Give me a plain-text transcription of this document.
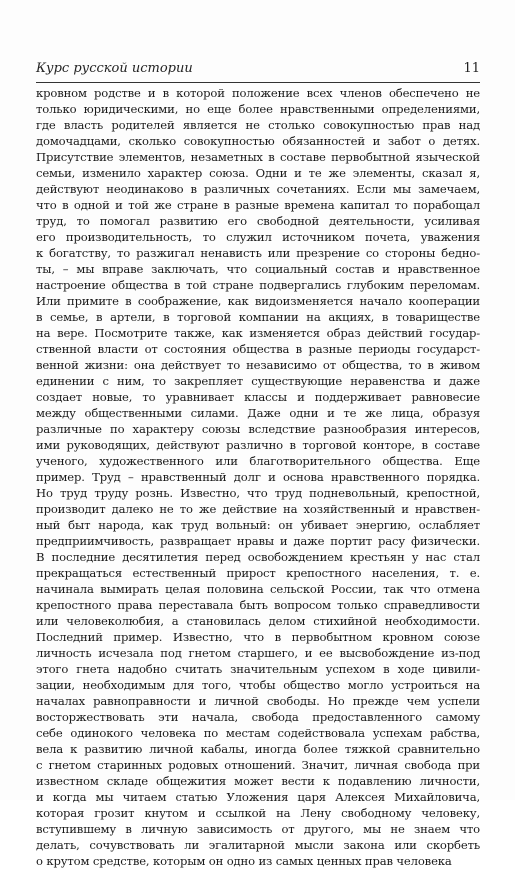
Курс русской истории	11
кровном родстве и в которой положение всех членов обеспечено не
только юридическими, но еще более нравственными определениями,
где власть родителей является не столько совокупностью прав над
домочадцами, сколько совокупностью обязанностей и забот о детях.
Присутствие элементов, незаметных в составе первобытной языческой
семьи, изменило характер союза. Одни и те же элементы, сказал я,
действуют неодинаково в различных сочетаниях. Если мы замечаем,
что в одной и той же стране в разные времена капитал то порабощал
труд, то помогал развитию его свободной деятельности, усиливая
его производительность, то служил источником почета, уважения
к богатству, то разжигал ненависть или презрение со стороны бедно-
ты, – мы вправе заключать, что социальный состав и нравственное
настроение общества в той стране подвергались глубоким переломам.
Или примите в соображение, как видоизменяется начало кооперации
в семье, в артели, в торговой компании на акциях, в товариществе
на вере. Посмотрите также, как изменяется образ действий государ-
ственной власти от состояния общества в разные периоды государст-
венной жизни: она действует то независимо от общества, то в живом
единении с ним, то закрепляет существующие неравенства и даже
создает новые, то уравнивает классы и поддерживает равновесие
между общественными силами. Даже одни и те же лица, образуя
различные по характеру союзы вследствие разнообразия интересов,
ими руководящих, действуют различно в торговой конторе, в составе
ученого, художественного или благотворительного общества. Еще
пример. Труд – нравственный долг и основа нравственного порядка.
Но труд труду рознь. Известно, что труд подневольный, крепостной,
производит далеко не то же действие на хозяйственный и нравствен-
ный быт народа, как труд вольный: он убивает энергию, ослабляет
предприимчивость, развращает нравы и даже портит расу физически.
В последние десятилетия перед освобождением крестьян у нас стал
прекращаться естественный прирост крепостного населения, т. е.
начинала вымирать целая половина сельской России, так что отмена
крепостного права переставала быть вопросом только справедливости
или человеколюбия, а становилась делом стихийной необходимости.
Последний пример. Известно, что в первобытном кровном союзе
личность исчезала под гнетом старшего, и ее высвобождение из-под
этого гнета надобно считать значительным успехом в ходе цивили-
зации, необходимым для того, чтобы общество могло устроиться на
началах равноправности и личной свободы. Но прежде чем успели
восторжествовать эти начала, свобода предоставленного самому
себе одинокого человека по местам содействовала успехам рабства,
вела к развитию личной кабалы, иногда более тяжкой сравнительно
с гнетом старинных родовых отношений. Значит, личная свобода при
известном складе общежития может вести к подавлению личности,
и когда мы читаем статью Уложения царя Алексея Михайловича,
которая грозит кнутом и ссылкой на Лену свободному человеку,
вступившему в личную зависимость от другого, мы не знаем что
делать, сочувствовать ли эгалитарной мысли закона или скорбеть
о крутом средстве, которым он одно из самых ценных прав человека
